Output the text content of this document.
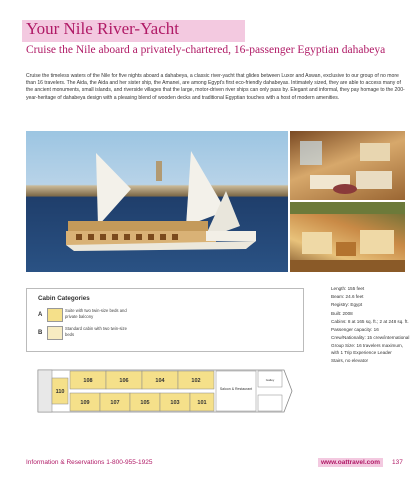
Your Nile River-Yacht
Cruise the Nile aboard a privately-chartered, 16-passenger Egyptian dahabeya
Cruise the timeless waters of the Nile for five nights aboard a dahabeya, a classic river-yacht that glides between Luxor and Aswan, exclusive to our group of no more than 16 travelers. The Aida, the Aida and her sister ship, the Amanei, are among Egypt's first eco-friendly dahabeyas. Intimately sized, they are able to access many of the ancient monuments, small islands, and riverside villages that the large, motor-driven river ships can only pass by. Elegant and informal, they pay homage to the 200-year-heritage of dahabeya design with a pleasing blend of wooden decks and traditional Egyptian touches with a host of modern amenities.
Cabin Categories
A
Suite with two twin-size beds and private balcony
B
Standard cabin with two twin-size beds
110
108	106	104	102
109	107	105	103	101
Saloon & Restaurant
Galley
Length: 155 feet
Beam: 24.6 feet
Registry: Egypt
Built: 2008
Cabins: 8 at 165 sq. ft.; 2 at 248 sq. ft.
Passenger capacity: 16
Crew/Nationality: 15 crew/international
Group Size: 16 travelers maximum, with 1 Trip Experience Leader
Stairs, no elevator
Information & Reservations 1-800-955-1925	www.oattravel.com	137
